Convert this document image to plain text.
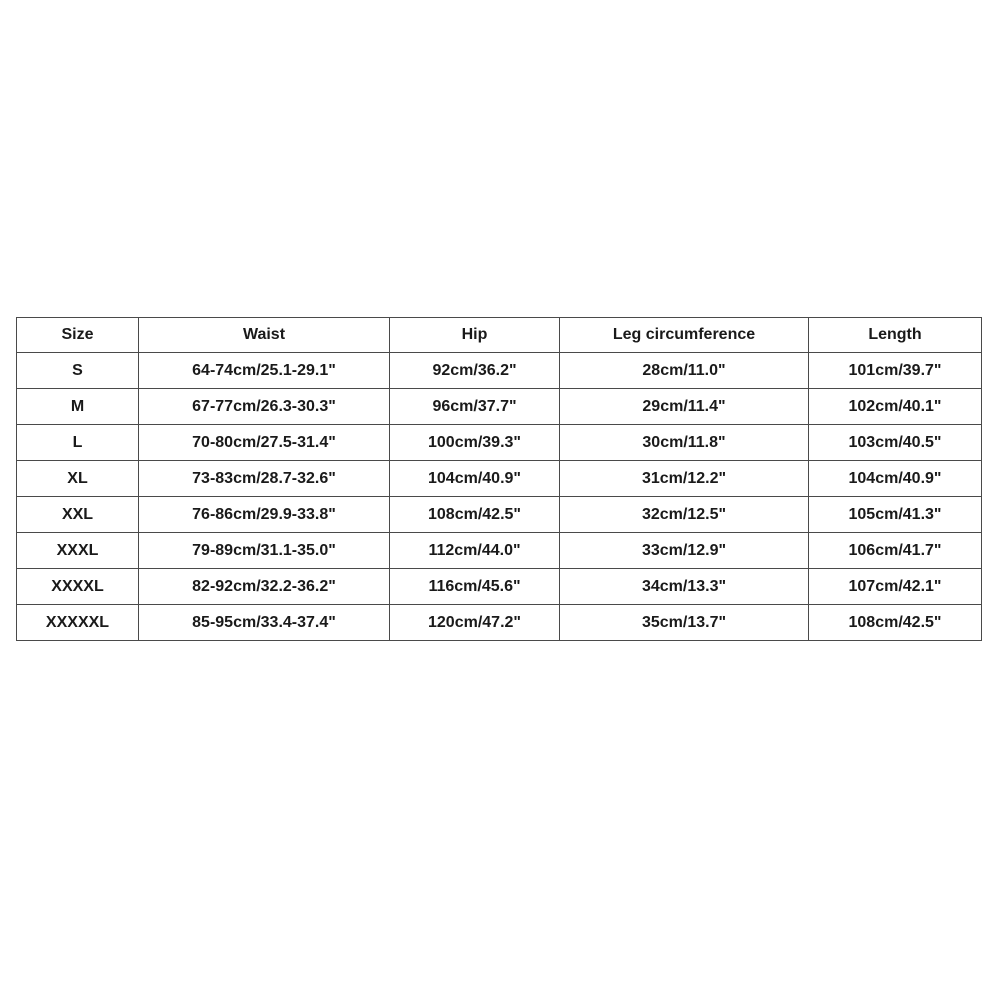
Size	Waist	Hip	Leg circumference	Length
S	64-74cm/25.1-29.1"	92cm/36.2"	28cm/11.0"	101cm/39.7"
M	67-77cm/26.3-30.3"	96cm/37.7"	29cm/11.4"	102cm/40.1"
L	70-80cm/27.5-31.4"	100cm/39.3"	30cm/11.8"	103cm/40.5"
XL	73-83cm/28.7-32.6"	104cm/40.9"	31cm/12.2"	104cm/40.9"
XXL	76-86cm/29.9-33.8"	108cm/42.5"	32cm/12.5"	105cm/41.3"
XXXL	79-89cm/31.1-35.0"	112cm/44.0"	33cm/12.9"	106cm/41.7"
XXXXL	82-92cm/32.2-36.2"	116cm/45.6"	34cm/13.3"	107cm/42.1"
XXXXXL	85-95cm/33.4-37.4"	120cm/47.2"	35cm/13.7"	108cm/42.5"
